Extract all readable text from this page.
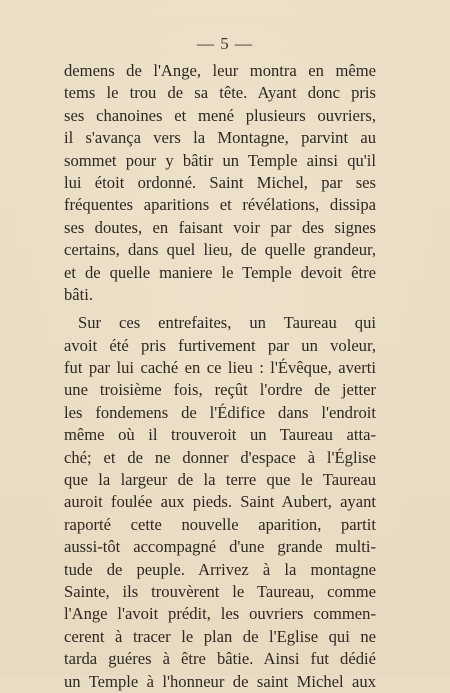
— 5 —
demens de l'Ange, leur montra en même
tems le trou de sa tête. Ayant donc pris
ses chanoines et mené plusieurs ouvriers,
il s'avança vers la Montagne, parvint au
sommet pour y bâtir un Temple ainsi qu'il
lui étoit ordonné. Saint Michel, par ses
fréquentes aparitions et révélations, dissipa
ses doutes, en faisant voir par des signes
certains, dans quel lieu, de quelle grandeur,
et de quelle maniere le Temple devoit être
bâti.
Sur ces entrefaites, un Taureau qui
avoit été pris furtivement par un voleur,
fut par lui caché en ce lieu : l'Évêque, averti
une troisième fois, reçût l'ordre de jetter
les fondemens de l'Édifice dans l'endroit
même où il trouveroit un Taureau atta-
ché; et de ne donner d'espace à l'Église
que la largeur de la terre que le Taureau
auroit foulée aux pieds. Saint Aubert, ayant
raporté cette nouvelle aparition, partit
aussi-tôt accompagné d'une grande multi-
tude de peuple. Arrivez à la montagne
Sainte, ils trouvèrent le Taureau, comme
l'Ange l'avoit prédit, les ouvriers commen-
cerent à tracer le plan de l'Eglise qui ne
tarda guéres à être bâtie. Ainsi fut dédié
un Temple à l'honneur de saint Michel aux
